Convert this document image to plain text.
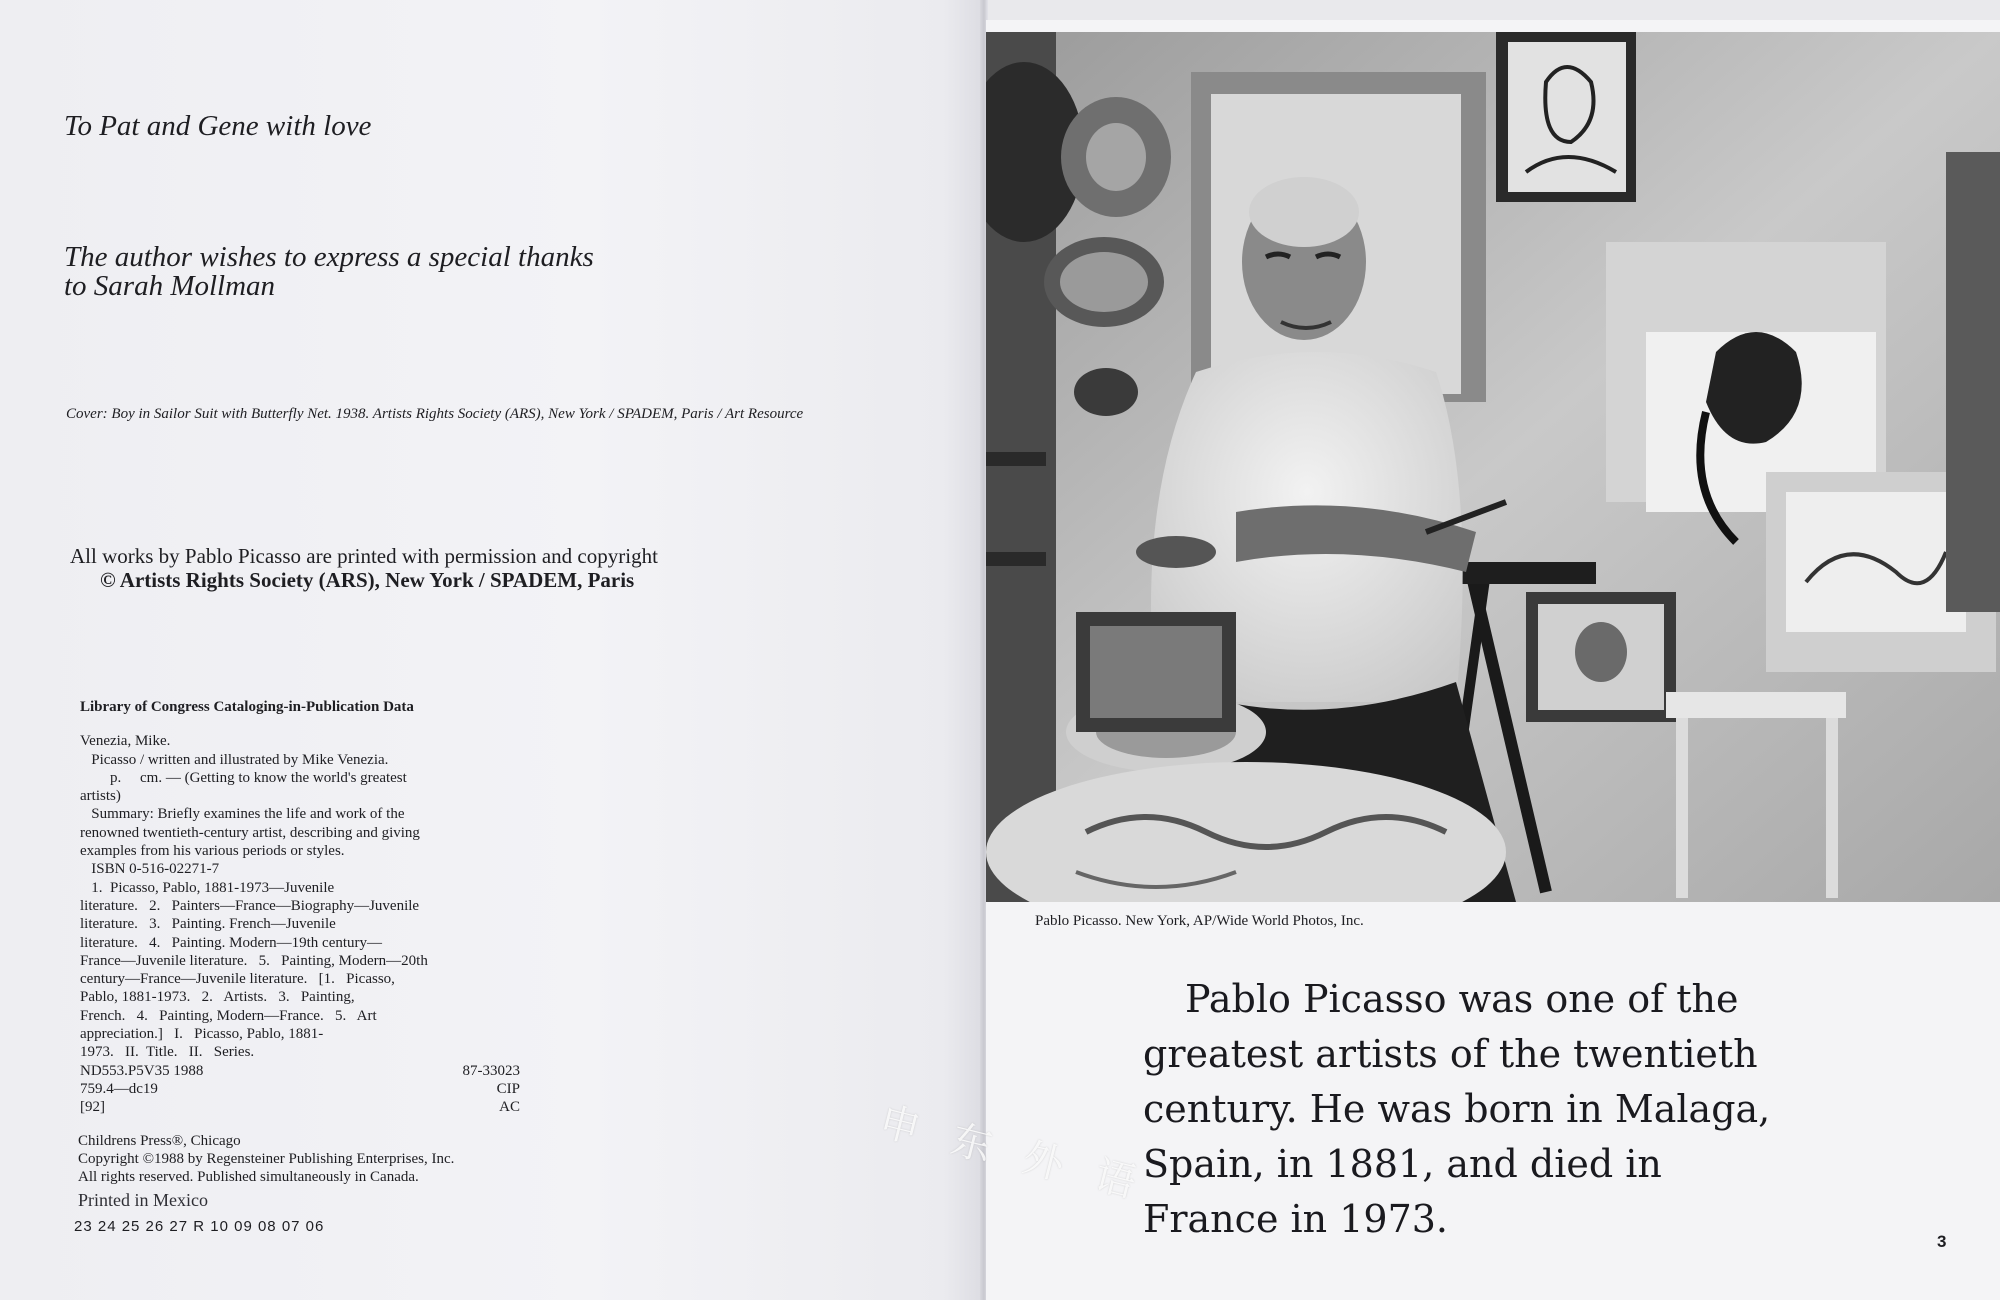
To Pat and Gene with love

The author wishes to express a special thanks
to Sarah Mollman

Cover: Boy in Sailor Suit with Butterfly Net. 1938. Artists Rights Society (ARS), New York / SPADEM, Paris / Art Resource

All works by Pablo Picasso are printed with permission and copyright
© Artists Rights Society (ARS), New York / SPADEM, Paris

Library of Congress Cataloging-in-Publication Data
Venezia, Mike.
Picasso / written and illustrated by Mike Venezia.
p.     cm. — (Getting to know the world's greatest
artists)
Summary: Briefly examines the life and work of the
renowned twentieth-century artist, describing and giving
examples from his various periods or styles.
ISBN 0-516-02271-7
1.  Picasso, Pablo, 1881-1973—Juvenile
literature.   2.   Painters—France—Biography—Juvenile
literature.   3.   Painting. French—Juvenile
literature.   4.   Painting. Modern—19th century—
France—Juvenile literature.   5.   Painting, Modern—20th
century—France—Juvenile literature.   [1.   Picasso,
Pablo, 1881-1973.   2.   Artists.   3.   Painting,
French.   4.   Painting, Modern—France.   5.   Art
appreciation.]   I.   Picasso, Pablo, 1881-
1973.   II.  Title.   II.   Series.
ND553.P5V35 1988	87-33023
759.4—dc19	CIP
[92]	AC

Childrens Press®, Chicago
Copyright ©1988 by Regensteiner Publishing Enterprises, Inc.
All rights reserved. Published simultaneously in Canada.

Printed in Mexico

23 24 25 26 27 R 10 09 08 07 06

Pablo Picasso. New York, AP/Wide World Photos, Inc.

Pablo Picasso was one of the greatest artists of the twentieth century. He was born in Malaga, Spain, in 1881, and died in France in 1973.

3

申东外语
